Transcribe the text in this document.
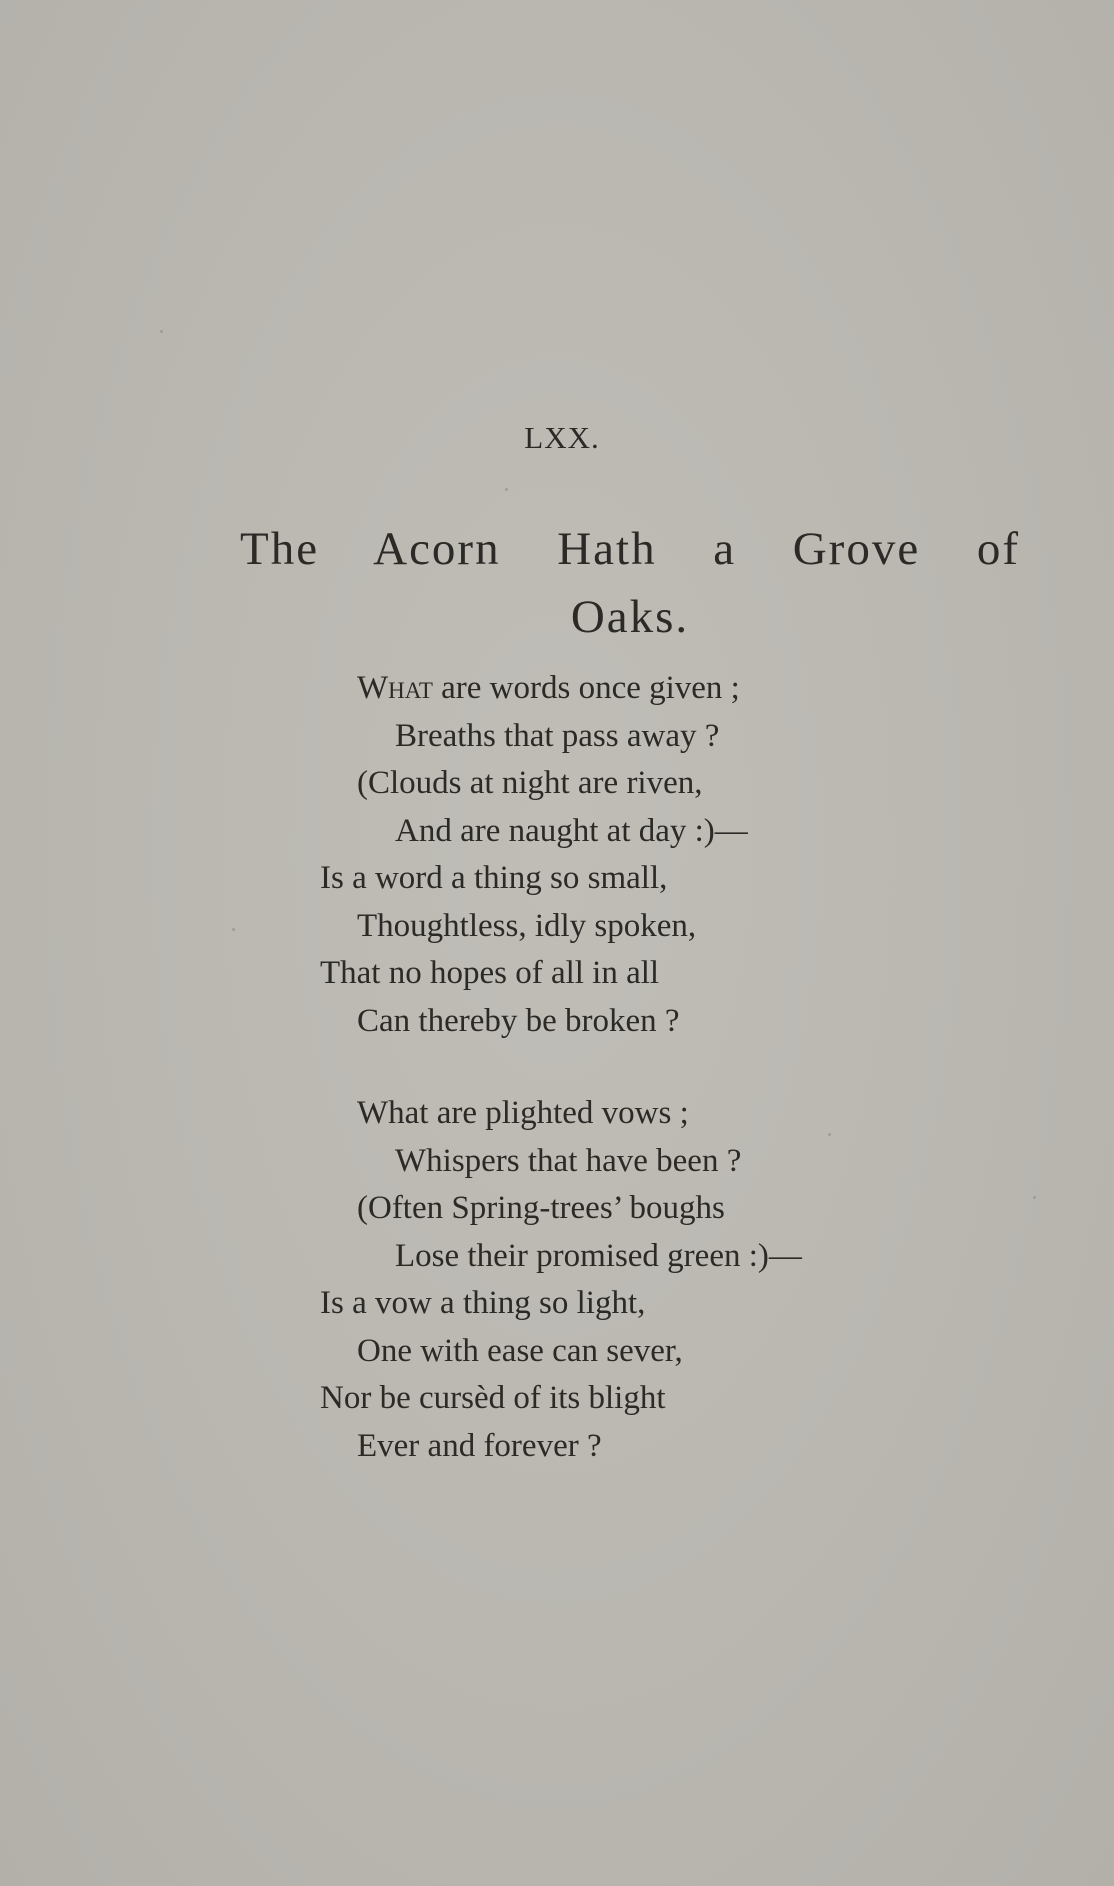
LXX.
The Acorn Hath a Grove of
Oaks.
What are words once given ;
Breaths that pass away ?
(Clouds at night are riven,
And are naught at day :)—
Is a word a thing so small,
Thoughtless, idly spoken,
That no hopes of all in all
Can thereby be broken ?
What are plighted vows ;
Whispers that have been ?
(Often Spring-trees’ boughs
Lose their promised green :)—
Is a vow a thing so light,
One with ease can sever,
Nor be cursèd of its blight
Ever and forever ?
